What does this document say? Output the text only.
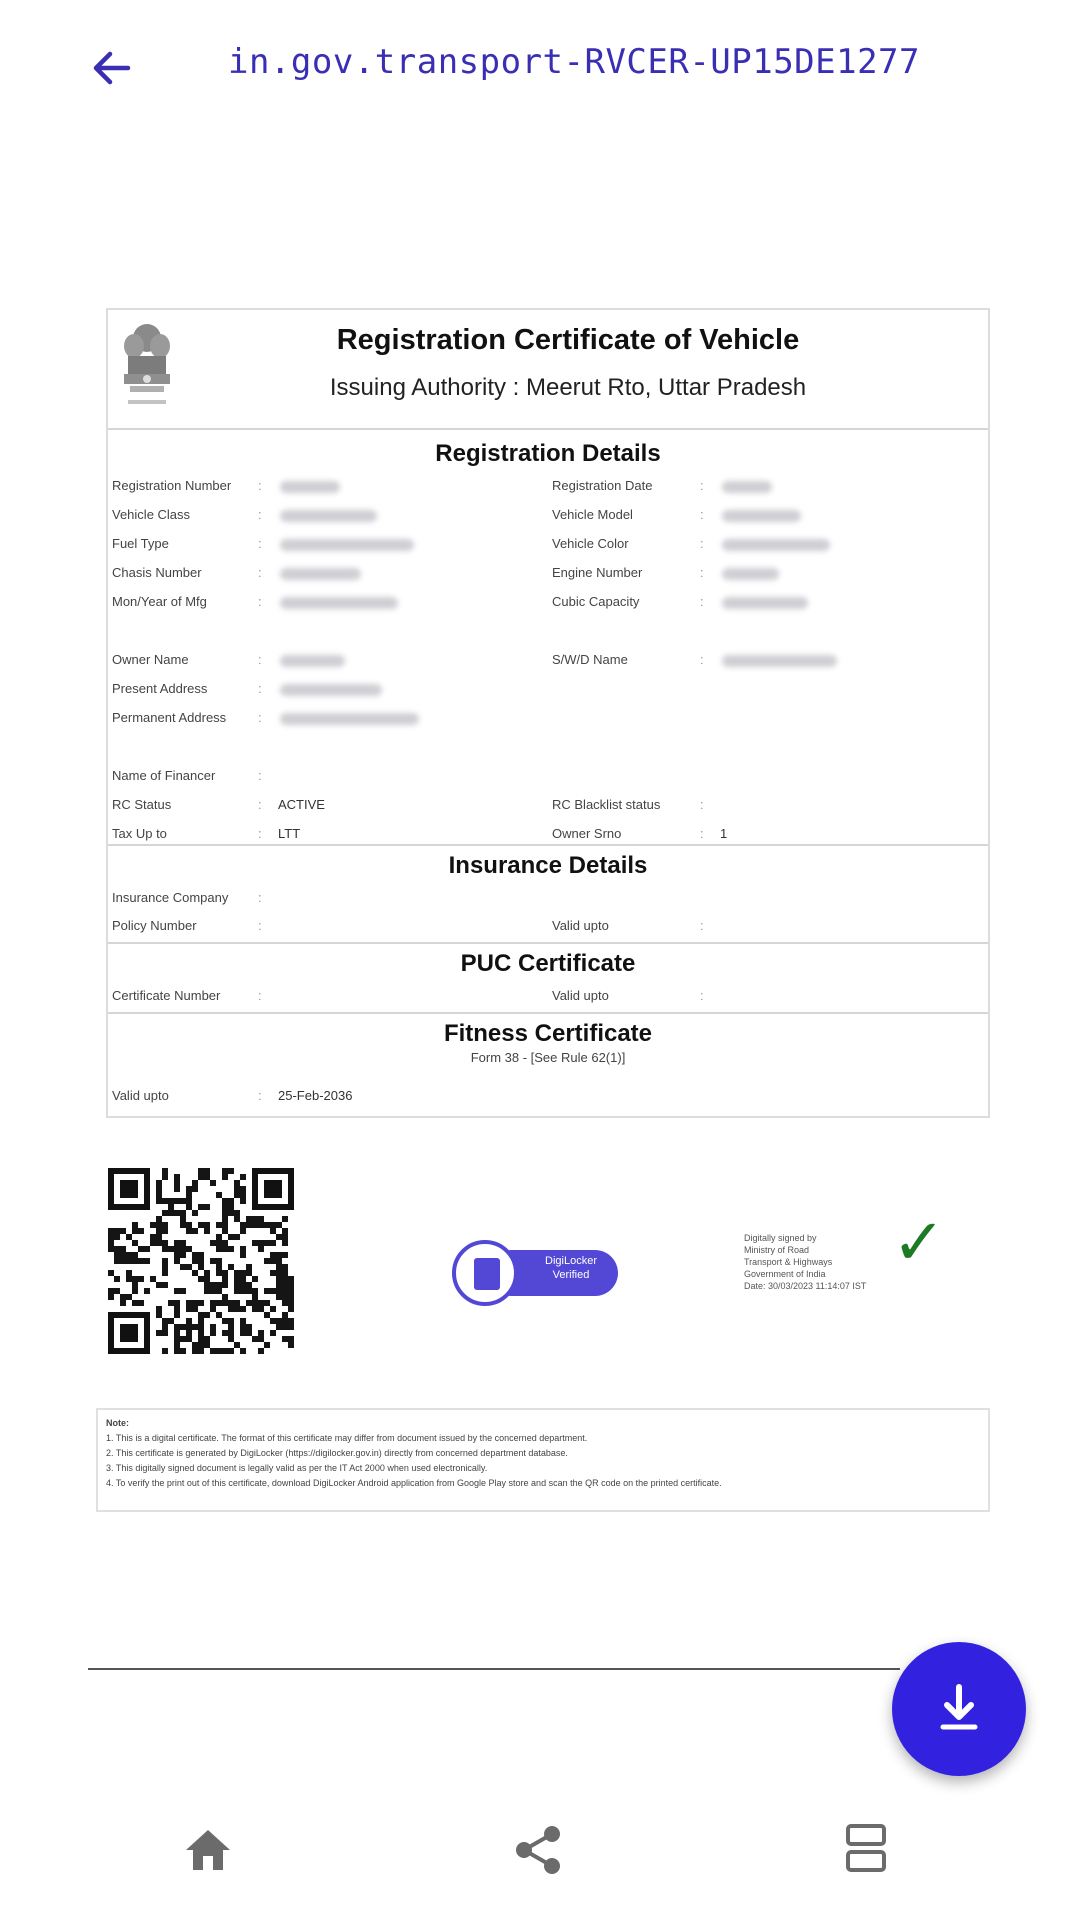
in.gov.transport-RVCER-UP15DE1277
Registration Certificate of Vehicle
Issuing Authority : Meerut Rto, Uttar Pradesh
Registration Details
Registration Number :	Registration Date	:
Vehicle Class	:	Vehicle Model	:
Fuel Type	:	Vehicle Color	:
Chasis Number	:	Engine Number	:
Mon/Year of Mfg	:	Cubic Capacity	:
Owner Name	:	S/W/D Name	:
Present Address	:
Permanent Address :
Name of Financer	:
RC Status	: ACTIVE	RC Blacklist status	:
Tax Up to	: LTT	Owner Srno	: 1
Insurance Details
Insurance Company :
Policy Number	:	Valid upto	:
PUC Certificate
Certificate Number	:	Valid upto	:
Fitness Certificate
Form 38 - [See Rule 62(1)]
Valid upto	: 25-Feb-2036
DigiLocker
Verified
Digitally signed by
Ministry of Road
Transport & Highways
Government of India
Date: 30/03/2023 11:14:07 IST
✓
Note:
1. This is a digital certificate. The format of this certificate may differ from document issued by the concerned department.
2. This certificate is generated by DigiLocker (https://digilocker.gov.in) directly from concerned department database.
3. This digitally signed document is legally valid as per the IT Act 2000 when used electronically.
4. To verify the print out of this certificate, download DigiLocker Android application from Google Play store and scan the QR code on the printed certificate.
